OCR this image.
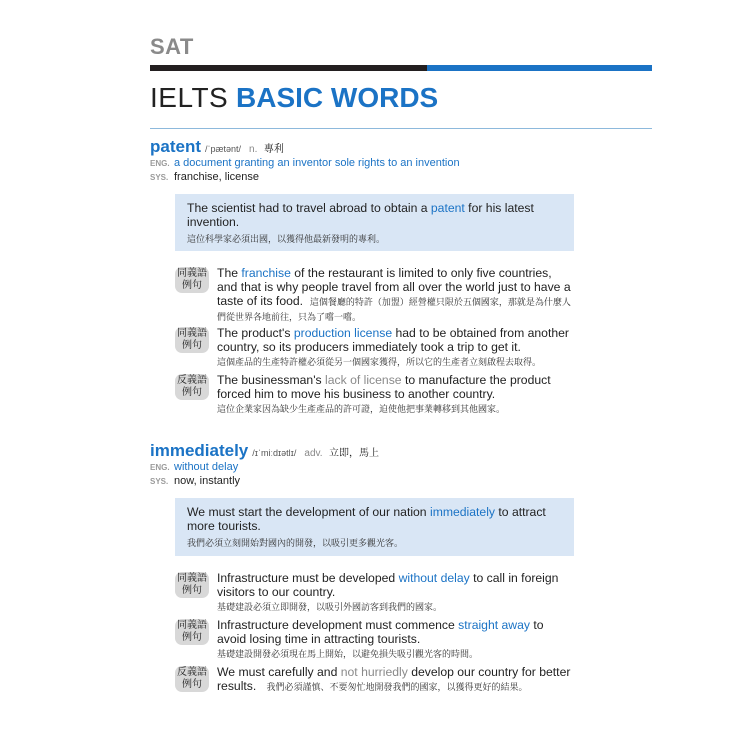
SAT
IELTS BASIC WORDS
patent /ˈpætənt/ n. 專利
ENG. a document granting an inventor sole rights to an invention
SYS. franchise, license
The scientist had to travel abroad to obtain a patent for his latest invention.
這位科學家必須出國，以獲得他最新發明的專利。
同義語
例句
The franchise of the restaurant is limited to only five countries, and that is why people travel from all over the world just to have a taste of its food. 這個餐廳的特許（加盟）經營權只限於五個國家，那就是為什麼人們從世界各地前往，只為了嚐一嚐。
同義語
例句
The product's production license had to be obtained from another country, so its producers immediately took a trip to get it.
這個產品的生產特許權必須從另一個國家獲得，所以它的生產者立刻啟程去取得。
反義語
例句
The businessman's lack of license to manufacture the product forced him to move his business to another country.
這位企業家因為缺少生產產品的許可證，迫使他把事業轉移到其他國家。
immediately /ɪˈmiːdɪətlɪ/ adv. 立即，馬上
ENG. without delay
SYS. now, instantly
We must start the development of our nation immediately to attract more tourists.
我們必須立刻開始對國內的開發，以吸引更多觀光客。
同義語
例句
Infrastructure must be developed without delay to call in foreign visitors to our country.
基礎建設必須立即開發，以吸引外國訪客到我們的國家。
同義語
例句
Infrastructure development must commence straight away to avoid losing time in attracting tourists.
基礎建設開發必須現在馬上開始，以避免損失吸引觀光客的時間。
反義語
例句
We must carefully and not hurriedly develop our country for better results. 我們必須謹慎、不要匆忙地開發我們的國家，以獲得更好的結果。
